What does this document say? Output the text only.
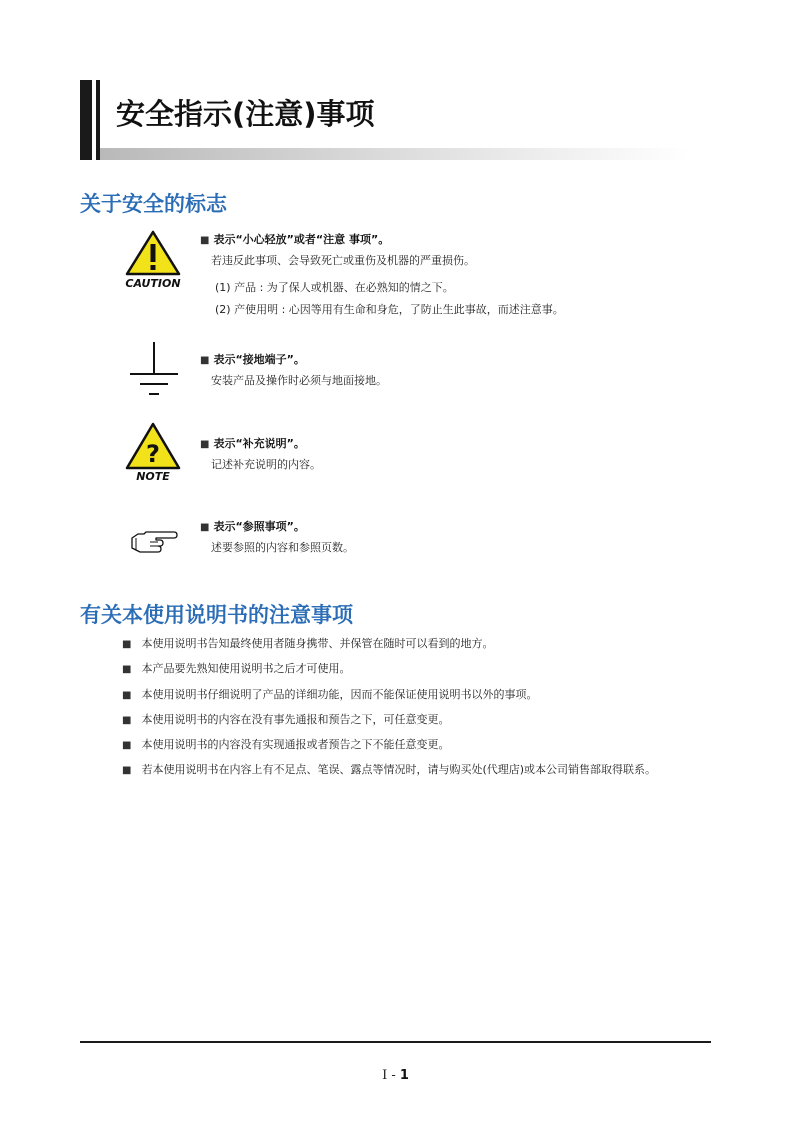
安全指示(注意)事项
关于安全的标志
CAUTION
■ 表示“小心轻放”或者“注意 事项”。
若违反此事项、会导致死亡或重伤及机器的严重损伤。
(1) 产品 : 为了保人或机器、在必熟知的情之下。
(2) 产使用明 : 心因等用有生命和身危，了防止生此事故，而述注意事。
■ 表示“接地端子”。
安装产品及操作时必须与地面接地。
?
NOTE
■ 表示“补充说明”。
记述补充说明的内容。
■ 表示“参照事项”。
述要参照的内容和参照页数。
有关本使用说明书的注意事项
■ 本使用说明书告知最终使用者随身携带、并保管在随时可以看到的地方。
■ 本产品要先熟知使用说明书之后才可使用。
■ 本使用说明书仔细说明了产品的详细功能，因而不能保证使用说明书以外的事项。
■ 本使用说明书的内容在没有事先通报和预告之下，可任意变更。
■ 本使用说明书的内容没有实现通报或者预告之下不能任意变更。
■ 若本使用说明书在内容上有不足点、笔误、露点等情况时，请与购买处(代理店)或本公司销售部取得联系。
I - 1
